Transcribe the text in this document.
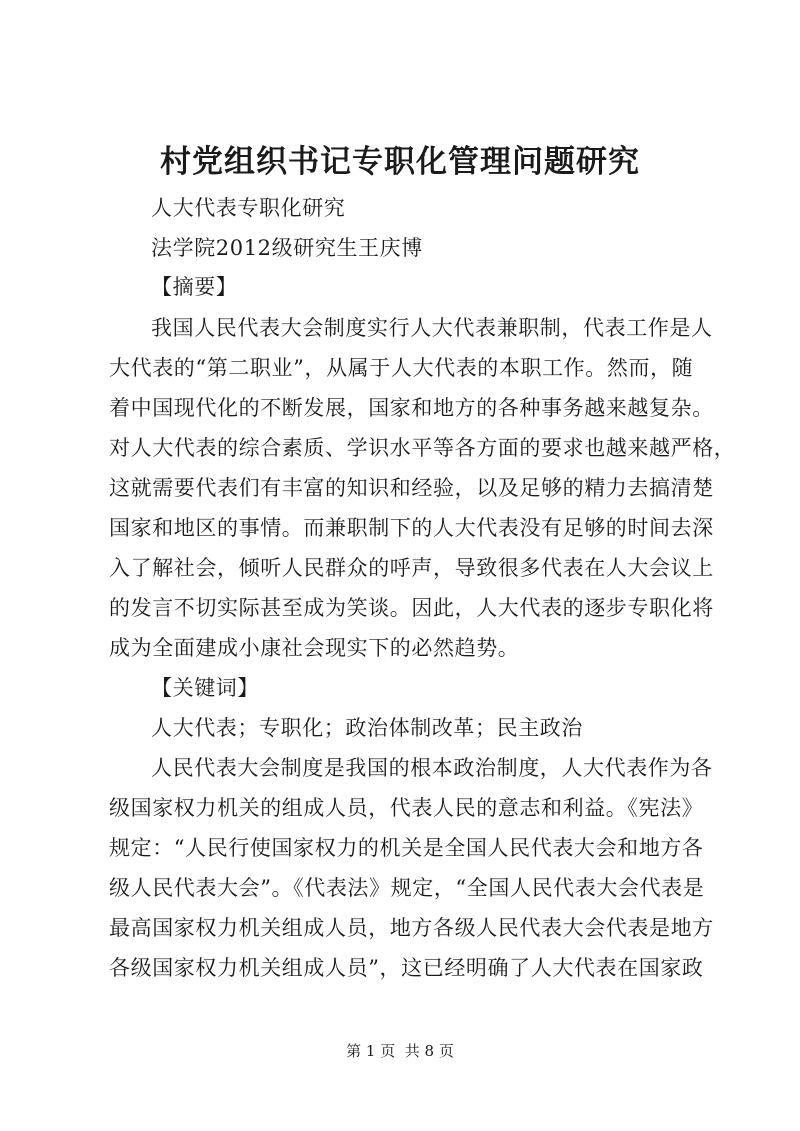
村党组织书记专职化管理问题研究

人大代表专职化研究

法学院2012级研究生王庆博

【摘要】

我国人民代表大会制度实行人大代表兼职制，代表工作是人

大代表的“第二职业”，从属于人大代表的本职工作。然而，随

着中国现代化的不断发展，国家和地方的各种事务越来越复杂。

对人大代表的综合素质、学识水平等各方面的要求也越来越严格，

这就需要代表们有丰富的知识和经验，以及足够的精力去搞清楚

国家和地区的事情。而兼职制下的人大代表没有足够的时间去深

入了解社会，倾听人民群众的呼声，导致很多代表在人大会议上

的发言不切实际甚至成为笑谈。因此，人大代表的逐步专职化将

成为全面建成小康社会现实下的必然趋势。

【关键词】

人大代表；专职化；政治体制改革；民主政治

人民代表大会制度是我国的根本政治制度，人大代表作为各

级国家权力机关的组成人员，代表人民的意志和利益。《宪法》

规定：“人民行使国家权力的机关是全国人民代表大会和地方各

级人民代表大会”。《代表法》规定，“全国人民代表大会代表是

最高国家权力机关组成人员，地方各级人民代表大会代表是地方

各级国家权力机关组成人员”，这已经明确了人大代表在国家政

第 1 页  共 8 页
